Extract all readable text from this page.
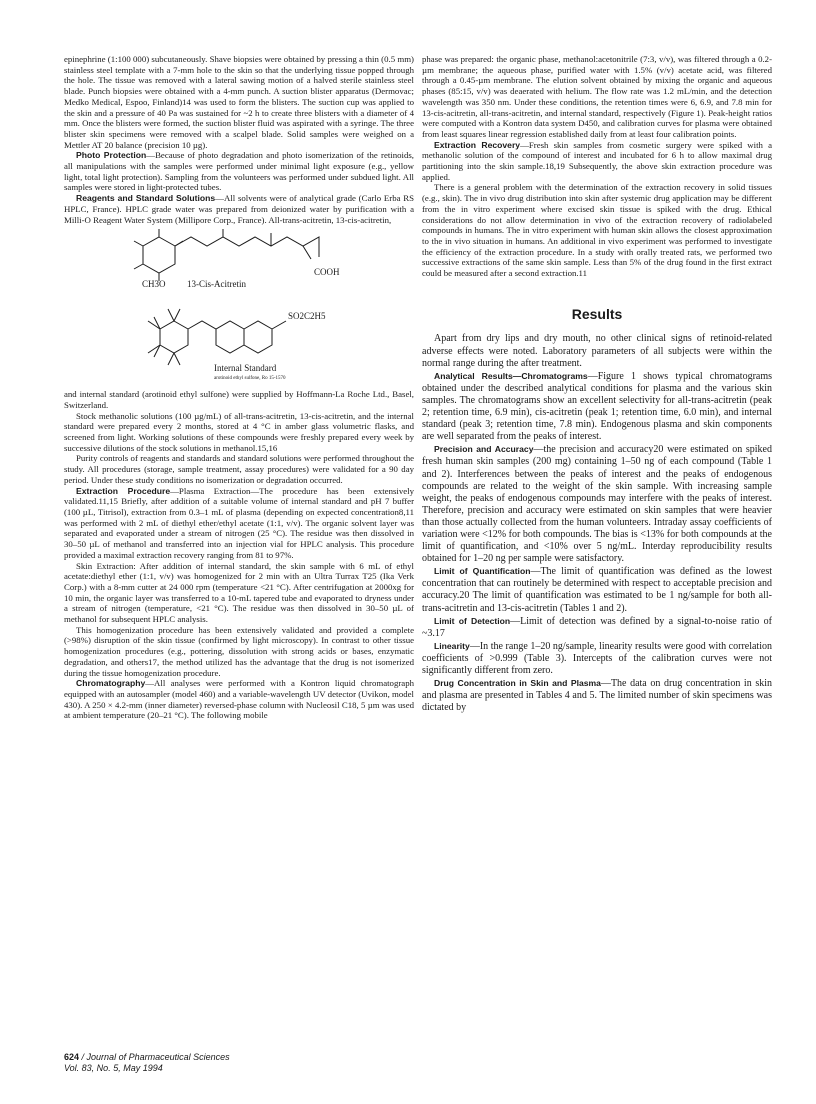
epinephrine (1:100 000) subcutaneously. Shave biopsies were obtained by pressing a thin (0.5 mm) stainless steel template with a 7-mm hole to the skin so that the underlying tissue popped through the hole. The tissue was removed with a lateral sawing motion of a halved sterile stainless steel blade. Punch biopsies were obtained with a 4-mm punch. A suction blister apparatus (Dermovac; Medko Medical, Espoo, Finland)14 was used to form the blisters. The suction cup was applied to the skin and a pressure of 40 Pa was sustained for ~2 h to create three blisters with a diameter of 4 mm. Once the blisters were formed, the suction blister fluid was aspirated with a syringe. The three blister skin specimens were removed with a scalpel blade. Solid samples were weighed on a Mettler AT 20 balance (precision 10 µg).

Photo Protection—Because of photo degradation and photo isomerization of the retinoids, all manipulations with the samples were performed under minimal light exposure (e.g., yellow light, total light protection). Sampling from the volunteers was performed under subdued light. All samples were stored in light-protected tubes.

Reagents and Standard Solutions—All solvents were of analytical grade (Carlo Erba RS HPLC, France). HPLC grade water was prepared from deionized water by purification with a Milli-O Reagent Water System (Millipore Corp., France). All-trans-acitretin, 13-cis-acitretin,

CH3O 13-Cis-Acitretin
COOH
SO2C2H5
Internal Standard
arotinoid ethyl sulfone, Ro 15-1570

and internal standard (arotinoid ethyl sulfone) were supplied by Hoffmann-La Roche Ltd., Basel, Switzerland.

Stock methanolic solutions (100 µg/mL) of all-trans-acitretin, 13-cis-acitretin, and the internal standard were prepared every 2 months, stored at 4 °C in amber glass volumetric flasks, and screened from light. Working solutions of these compounds were freshly prepared every week by successive dilutions of the stock solutions in methanol.15,16

Purity controls of reagents and standards and standard solutions were performed throughout the study. All procedures (storage, sample treatment, assay procedures) were validated for a 90 day period. Under these study conditions no isomerization or degradation occurred.

Extraction Procedure—Plasma Extraction—The procedure has been extensively validated.11,15 Briefly, after addition of a suitable volume of internal standard and pH 7 buffer (100 µL, Titrisol), extraction from 0.3–1 mL of plasma (depending on expected concentration8,11 was performed with 2 mL of diethyl ether/ethyl acetate (1:1, v/v). The organic solvent layer was separated and evaporated under a stream of nitrogen (25 °C). The residue was then dissolved in 30–50 µL of methanol and transferred into an injection vial for HPLC analysis. This procedure provided a maximal extraction recovery ranging from 81 to 97%.

Skin Extraction: After addition of internal standard, the skin sample with 6 mL of ethyl acetate:diethyl ether (1:1, v/v) was homogenized for 2 min with an Ultra Turrax T25 (Ika Verk Corp.) with a 8-mm cutter at 24 000 rpm (temperature <21 °C). After centrifugation at 2000xg for 10 min, the organic layer was transferred to a 10-mL tapered tube and evaporated to dryness under a stream of nitrogen (temperature, <21 °C). The residue was then dissolved in 30–50 µL of methanol for subsequent HPLC analysis.

This homogenization procedure has been extensively validated and provided a complete (>98%) disruption of the skin tissue (confirmed by light microscopy). In contrast to other tissue homogenization procedures (e.g., pottering, dissolution with strong acids or bases, enzymatic degradation, and others17, the method utilized has the advantage that the drug is not isomerized during the tissue homogenization procedure.

Chromatography—All analyses were performed with a Kontron liquid chromatograph equipped with an autosampler (model 460) and a variable-wavelength UV detector (Uvikon, model 430). A 250 × 4.2-mm (inner diameter) reversed-phase column with Nucleosil C18, 5 µm was used at ambient temperature (20–21 °C). The following mobile

phase was prepared: the organic phase, methanol:acetonitrile (7:3, v/v), was filtered through a 0.2-µm membrane; the aqueous phase, purified water with 1.5% (v/v) acetate acid, was filtered through a 0.45-µm membrane. The elution solvent obtained by mixing the organic and aqueous phases (85:15, v/v) was deaerated with helium. The flow rate was 1.2 mL/min, and the detection wavelength was 350 nm. Under these conditions, the retention times were 6, 6.9, and 7.8 min for 13-cis-acitretin, all-trans-acitretin, and internal standard, respectively (Figure 1). Peak-height ratios were computed with a Kontron data system D450, and calibration curves for plasma were obtained from least squares linear regression established daily from at least four calibration points.

Extraction Recovery—Fresh skin samples from cosmetic surgery were spiked with a methanolic solution of the compound of interest and incubated for 6 h to allow maximal drug partitioning into the skin sample.18,19 Subsequently, the above skin extraction procedure was applied.

There is a general problem with the determination of the extraction recovery in solid tissues (e.g., skin). The in vivo drug distribution into skin after systemic drug application may be different from the in vitro experiment where excised skin tissue is spiked with the drug. Ethical considerations do not allow determination in vivo of the extraction recovery of radiolabeled compounds in humans. The in vitro experiment with human skin allows the closest approximation to the in vivo situation in humans. An additional in vivo experiment was performed to investigate the efficiency of the extraction procedure. In a study with orally treated rats, we performed two successive extractions of the same skin sample. Less than 5% of the drug found in the first extract could be measured after a second extraction.11

Results

Apart from dry lips and dry mouth, no other clinical signs of retinoid-related adverse effects were noted. Laboratory parameters of all subjects were within the normal range during the after treatment.

Analytical Results—Chromatograms—Figure 1 shows typical chromatograms obtained under the described analytical conditions for plasma and the various skin samples. The chromatograms show an excellent selectivity for all-trans-acitretin (peak 2; retention time, 6.9 min), cis-acitretin (peak 1; retention time, 6.0 min), and internal standard (peak 3; retention time, 7.8 min). Endogenous plasma and skin components are well separated from the peaks of interest.

Precision and Accuracy—the precision and accuracy20 were estimated on spiked fresh human skin samples (200 mg) containing 1–50 ng of each compound (Table 1 and 2). Interferences between the peaks of interest and the peaks of endogenous compounds are related to the weight of the skin sample. With increasing sample weight, the peaks of endogenous compounds may interfere with the peaks of interest. Therefore, precision and accuracy were estimated on skin samples that were heavier than those actually collected from the human volunteers. Intraday assay coefficients of variation were <12% for both compounds. The bias is <13% for both compounds at the limit of quantification, and <10% over 5 ng/mL. Interday reproducibility results obtained for 1–20 ng per sample were satisfactory.

Limit of Quantification—The limit of quantification was defined as the lowest concentration that can routinely be determined with respect to acceptable precision and accuracy.20 The limit of quantification was estimated to be 1 ng/sample for both all-trans-acitretin and 13-cis-acitretin (Tables 1 and 2).

Limit of Detection—Limit of detection was defined by a signal-to-noise ratio of ~3.17

Linearity—In the range 1–20 ng/sample, linearity results were good with correlation coefficients of >0.999 (Table 3). Intercepts of the calibration curves were not significantly different from zero.

Drug Concentration in Skin and Plasma—The data on drug concentration in skin and plasma are presented in Tables 4 and 5. The limited number of skin specimens was dictated by

624 / Journal of Pharmaceutical Sciences
Vol. 83, No. 5, May 1994
